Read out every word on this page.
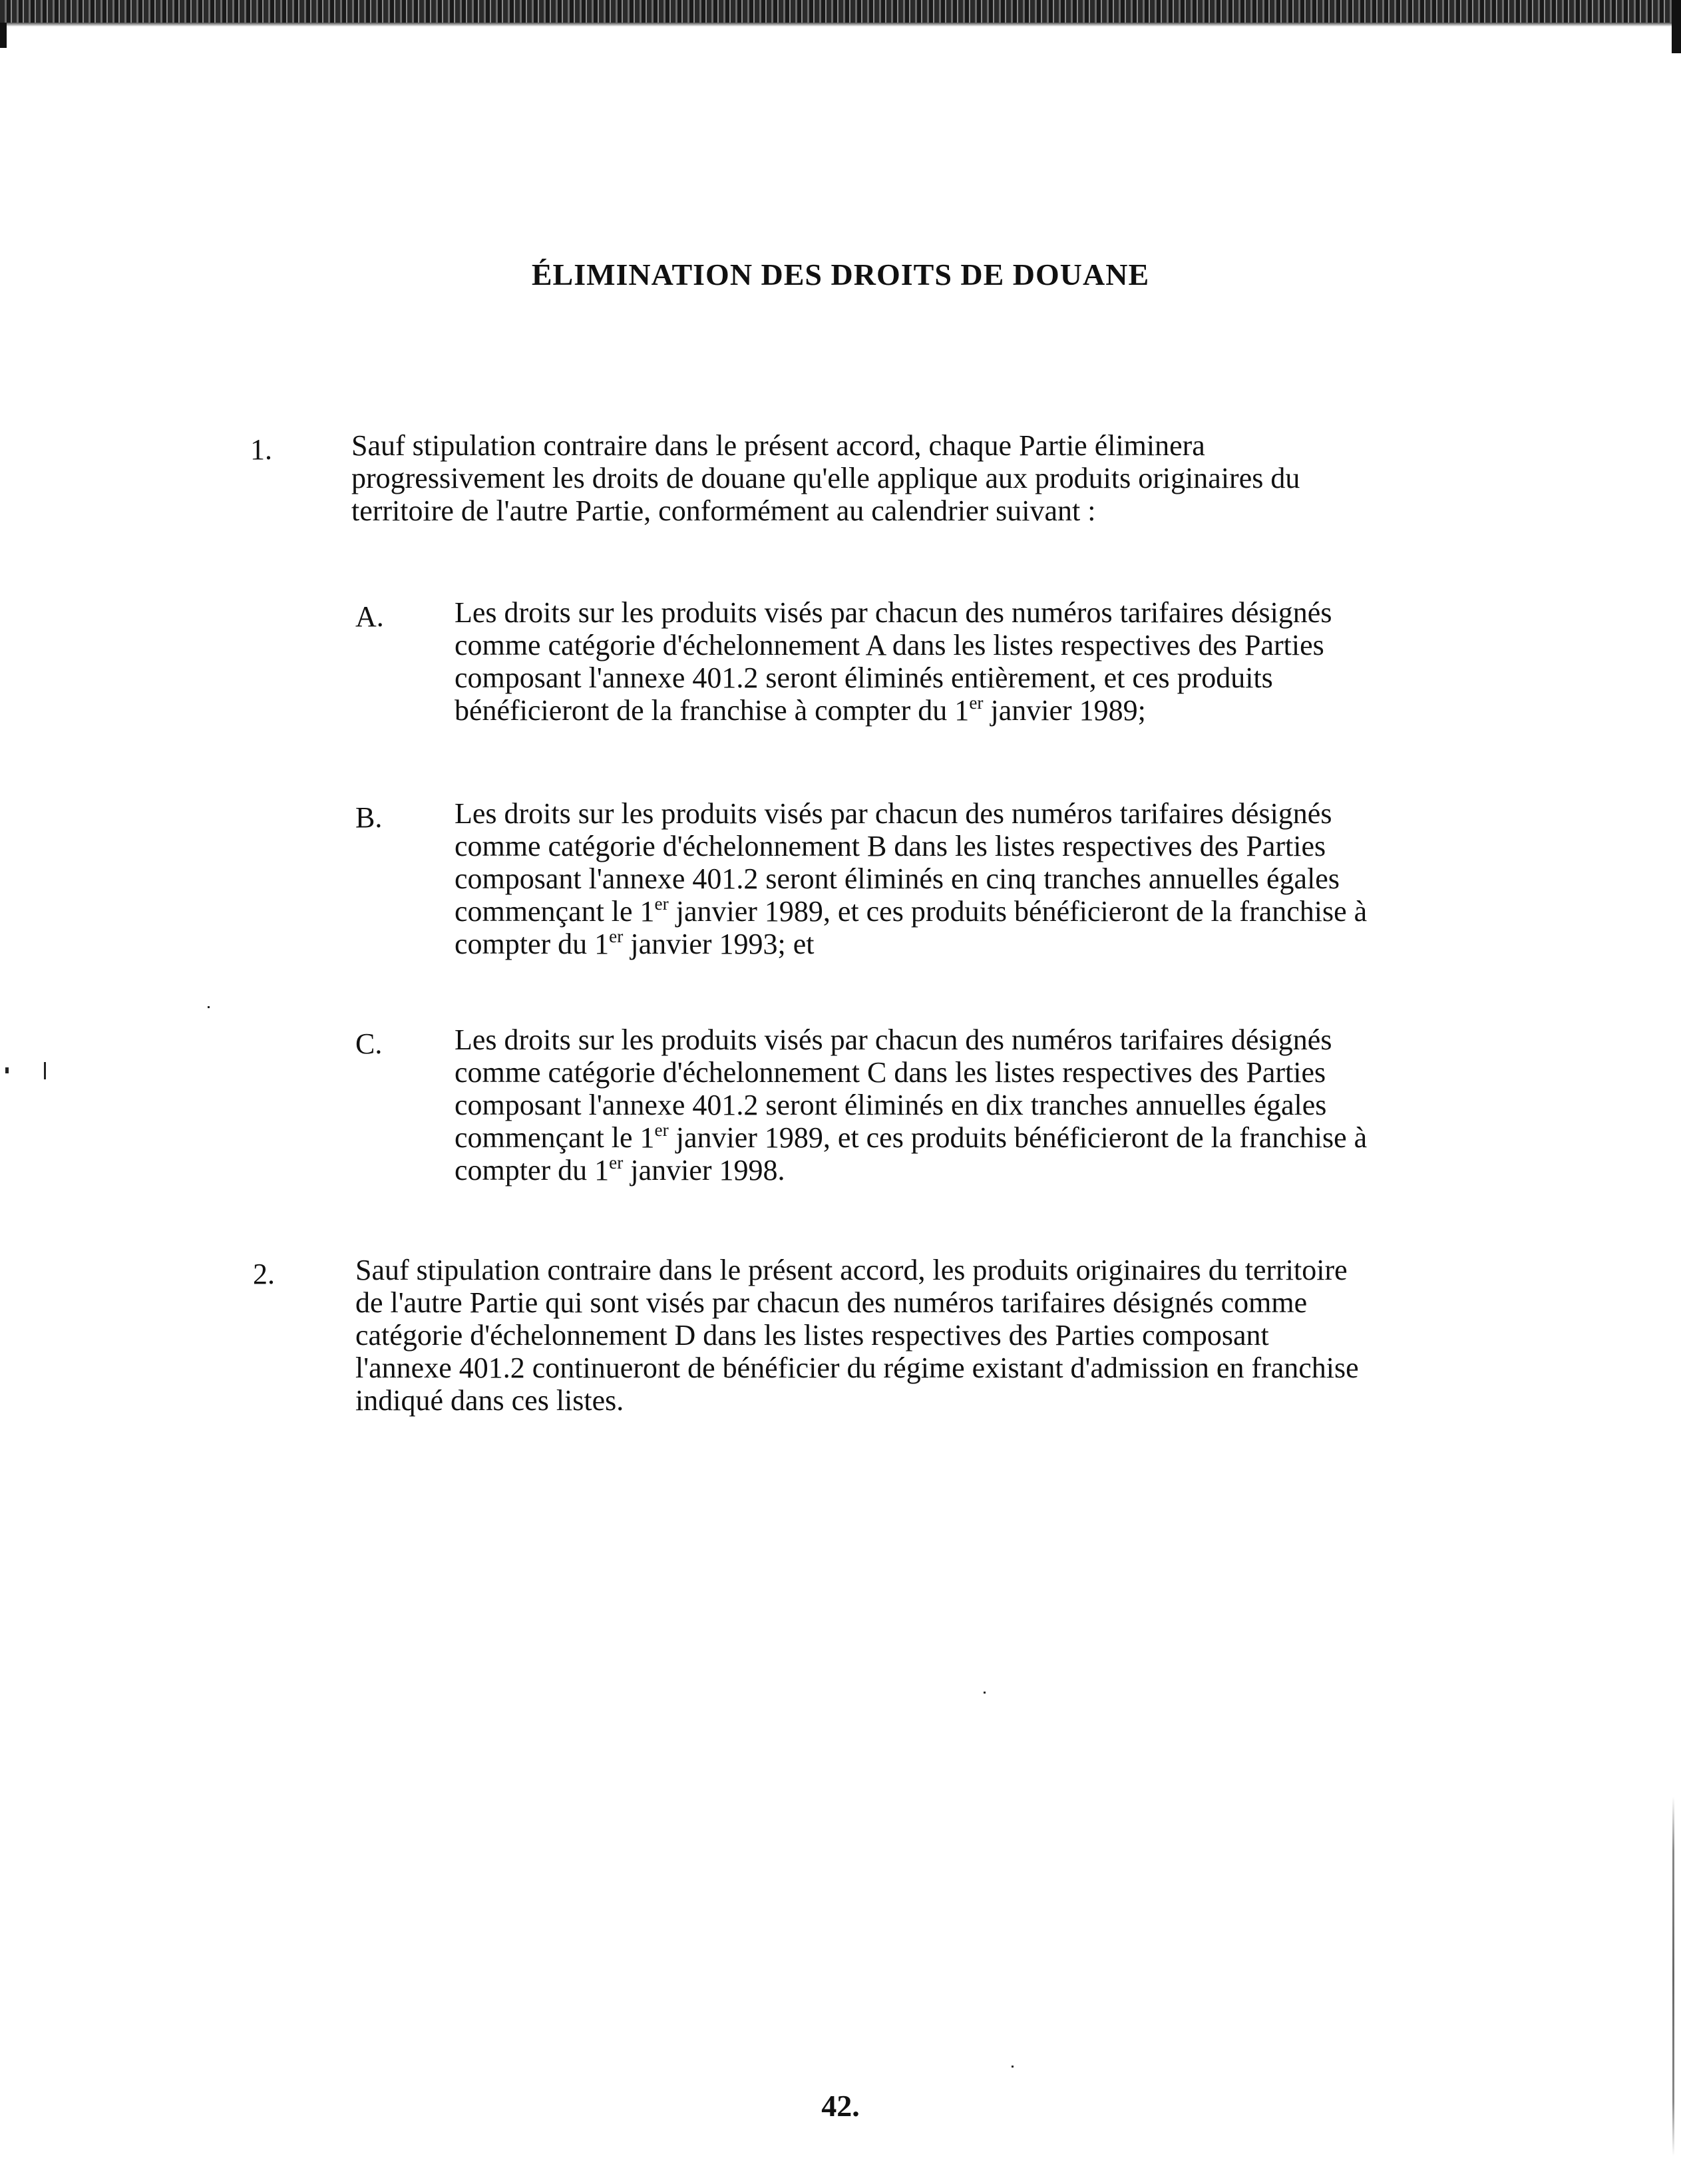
ÉLIMINATION DES DROITS DE DOUANE
1.	Sauf stipulation contraire dans le présent accord, chaque Partie éliminera progressivement les droits de douane qu'elle applique aux produits originaires du territoire de l'autre Partie, conformément au calendrier suivant :
A. Les droits sur les produits visés par chacun des numéros tarifaires désignés comme catégorie d'échelonnement A dans les listes respectives des Parties composant l'annexe 401.2 seront éliminés entièrement, et ces produits bénéficieront de la franchise à compter du 1er janvier 1989;
B. Les droits sur les produits visés par chacun des numéros tarifaires désignés comme catégorie d'échelonnement B dans les listes respectives des Parties composant l'annexe 401.2 seront éliminés en cinq tranches annuelles égales commençant le 1er janvier 1989, et ces produits bénéficieront de la franchise à compter du 1er janvier 1993; et
C. Les droits sur les produits visés par chacun des numéros tarifaires désignés comme catégorie d'échelonnement C dans les listes respectives des Parties composant l'annexe 401.2 seront éliminés en dix tranches annuelles égales commençant le 1er janvier 1989, et ces produits bénéficieront de la franchise à compter du 1er janvier 1998.
2.	Sauf stipulation contraire dans le présent accord, les produits originaires du territoire de l'autre Partie qui sont visés par chacun des numéros tarifaires désignés comme catégorie d'échelonnement D dans les listes respectives des Parties composant l'annexe 401.2 continueront de bénéficier du régime existant d'admission en franchise indiqué dans ces listes.
42.
